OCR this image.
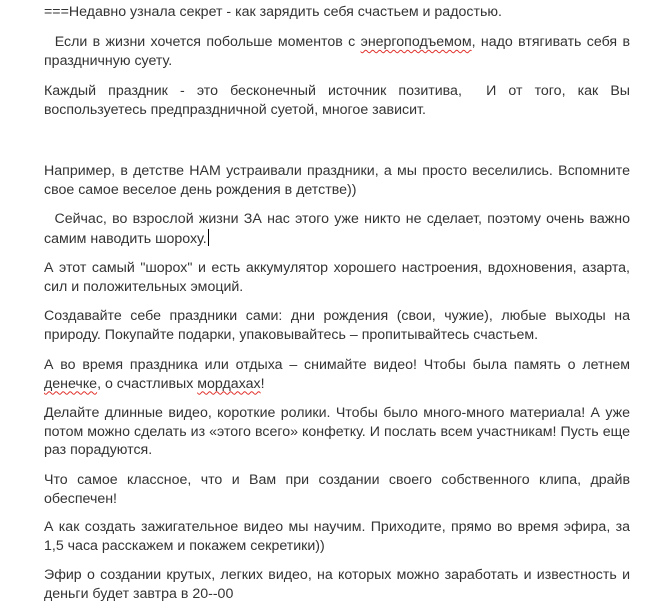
===Недавно узнала секрет - как зарядить себя счастьем и радостью.

Если в жизни хочется побольше моментов с энергоподъемом, надо втягивать себя в праздничную суету.

Каждый праздник - это бесконечный источник позитива,  И от того, как Вы воспользуетесь предпраздничной суетой, многое зависит.

Например, в детстве НАМ устраивали праздники, а мы просто веселились. Вспомните свое самое веселое день рождения в детстве))

Сейчас, во взрослой жизни ЗА нас этого уже никто не сделает, поэтому очень важно самим наводить шороху.

А этот самый "шорох" и есть аккумулятор хорошего настроения, вдохновения, азарта, сил и положительных эмоций.

Создавайте себе праздники сами: дни рождения (свои, чужие), любые выходы на природу. Покупайте подарки, упаковывайтесь – пропитывайтесь счастьем.

А во время праздника или отдыха – снимайте видео! Чтобы была память о летнем денечке, о счастливых мордахах!

Делайте длинные видео, короткие ролики. Чтобы было много-много материала! А уже потом можно сделать из «этого всего» конфетку. И послать всем участникам! Пусть еще раз порадуются.

Что самое классное, что и Вам при создании своего собственного клипа, драйв обеспечен!

А как создать зажигательное видео мы научим. Приходите, прямо во время эфира, за 1,5 часа расскажем и покажем секретики))

Эфир о создании крутых, легких видео, на которых можно заработать и известность и деньги будет завтра в 20--00
